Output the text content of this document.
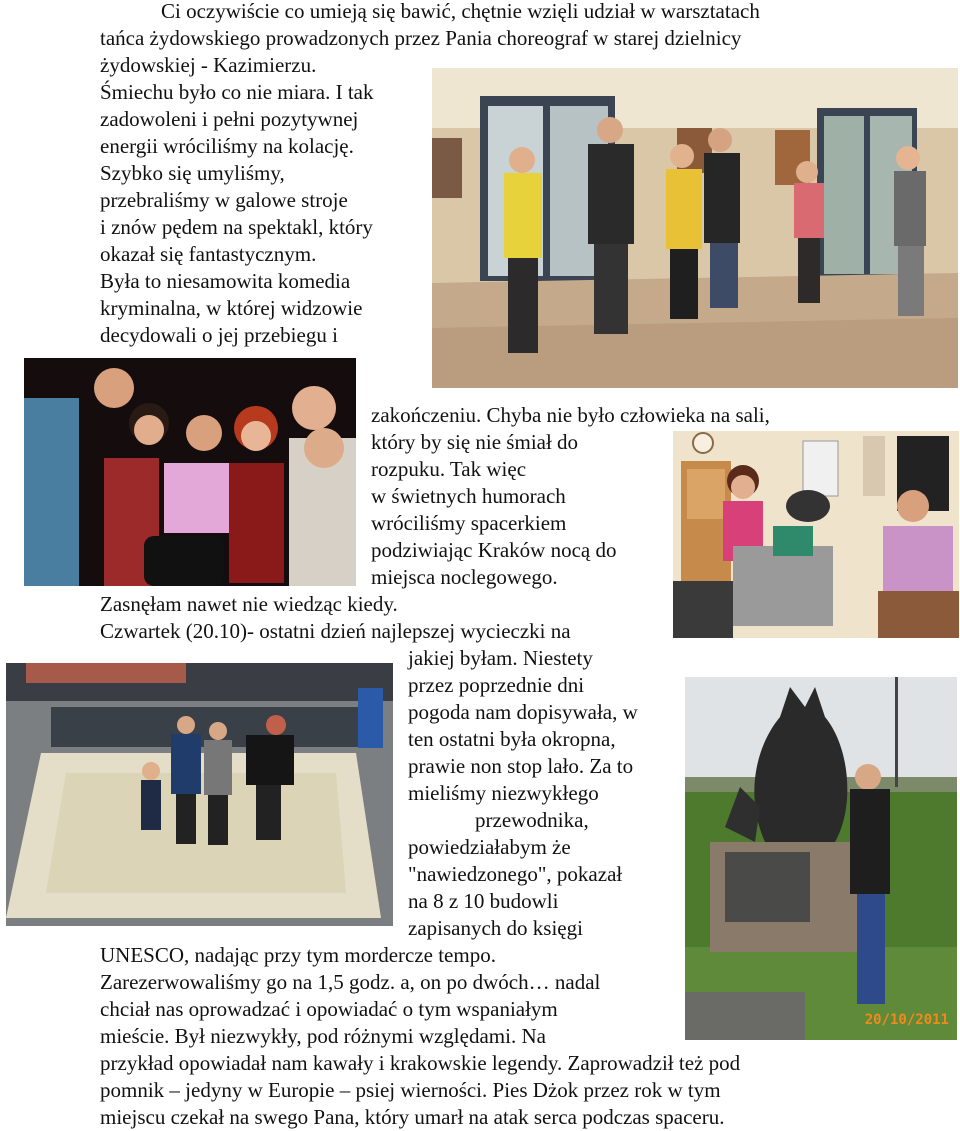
Ci oczywiście co umieją się bawić, chętnie wzięli udział w warsztatach
tańca żydowskiego prowadzonych przez Pania choreograf w starej dzielnicy
żydowskiej - Kazimierzu.
Śmiechu było co nie miara. I tak
zadowoleni i pełni pozytywnej
energii wróciliśmy na kolację.
Szybko się umyliśmy,
przebraliśmy w galowe stroje
i znów pędem na spektakl, który
okazał się fantastycznym.
Była to niesamowita komedia
kryminalna, w której widzowie
decydowali o jej przebiegu i
zakończeniu. Chyba nie było człowieka na sali,
który by się nie śmiał do
rozpuku. Tak więc
w świetnych humorach
wróciliśmy spacerkiem
podziwiając Kraków nocą do
miejsca noclegowego.
Zasnęłam nawet nie wiedząc kiedy.
Czwartek (20.10)- ostatni dzień najlepszej wycieczki na
jakiej byłam. Niestety
przez poprzednie dni
pogoda nam dopisywała, w
ten ostatni była okropna,
prawie non stop lało. Za to
mieliśmy niezwykłego
przewodnika,
powiedziałabym że
"nawiedzonego", pokazał
na 8 z 10 budowli
zapisanych do księgi
UNESCO, nadając przy tym mordercze tempo.
Zarezerwowaliśmy go na 1,5 godz. a, on po dwóch… nadal
chciał nas oprowadzać i opowiadać o tym wspaniałym
mieście. Był niezwykły, pod różnymi względami. Na
przykład opowiadał nam kawały i krakowskie legendy. Zaprowadził też pod
pomnik – jedyny w Europie – psiej wierności. Pies Dżok przez rok w tym
miejscu czekał na swego Pana, który umarł na atak serca podczas spaceru.
20/10/2011
